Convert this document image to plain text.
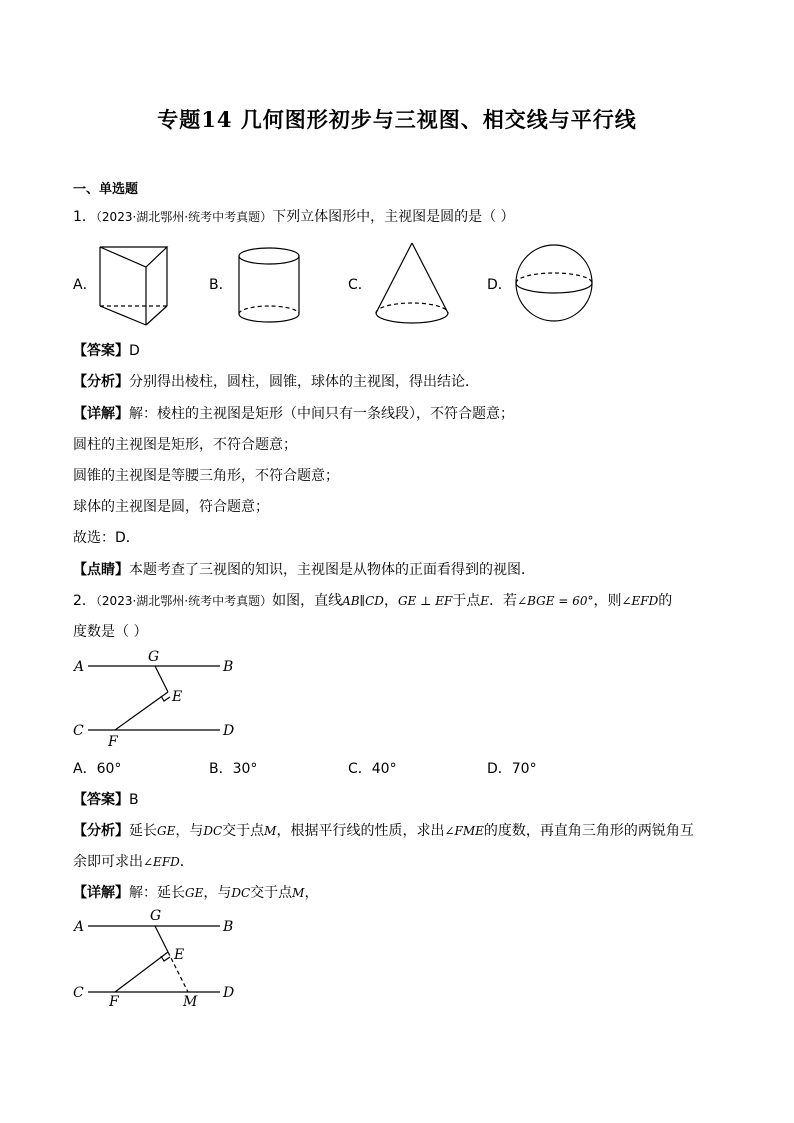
专题14 几何图形初步与三视图、相交线与平行线
一、单选题
1．（2023·湖北鄂州·统考中考真题）下列立体图形中，主视图是圆的是（ ）
A．	B．	C．	D．
【答案】D
【分析】分别得出棱柱，圆柱，圆锥，球体的主视图，得出结论．
【详解】解：棱柱的主视图是矩形（中间只有一条线段），不符合题意；
圆柱的主视图是矩形，不符合题意；
圆锥的主视图是等腰三角形，不符合题意；
球体的主视图是圆，符合题意；
故选：D．
【点睛】本题考查了三视图的知识，主视图是从物体的正面看得到的视图．
2．（2023·湖北鄂州·统考中考真题）如图，直线AB∥CD，GE ⊥ EF于点E．若∠BGE = 60°，则∠EFD的
度数是（ ）
A	B
G
E
C	D
F
A．60°	B．30°	C．40°	D．70°
【答案】B
【分析】延长GE，与DC交于点M，根据平行线的性质，求出∠FME的度数，再直角三角形的两锐角互
余即可求出∠EFD．
【详解】解：延长GE，与DC交于点M，
A	B
G
E
C	D
F	M
